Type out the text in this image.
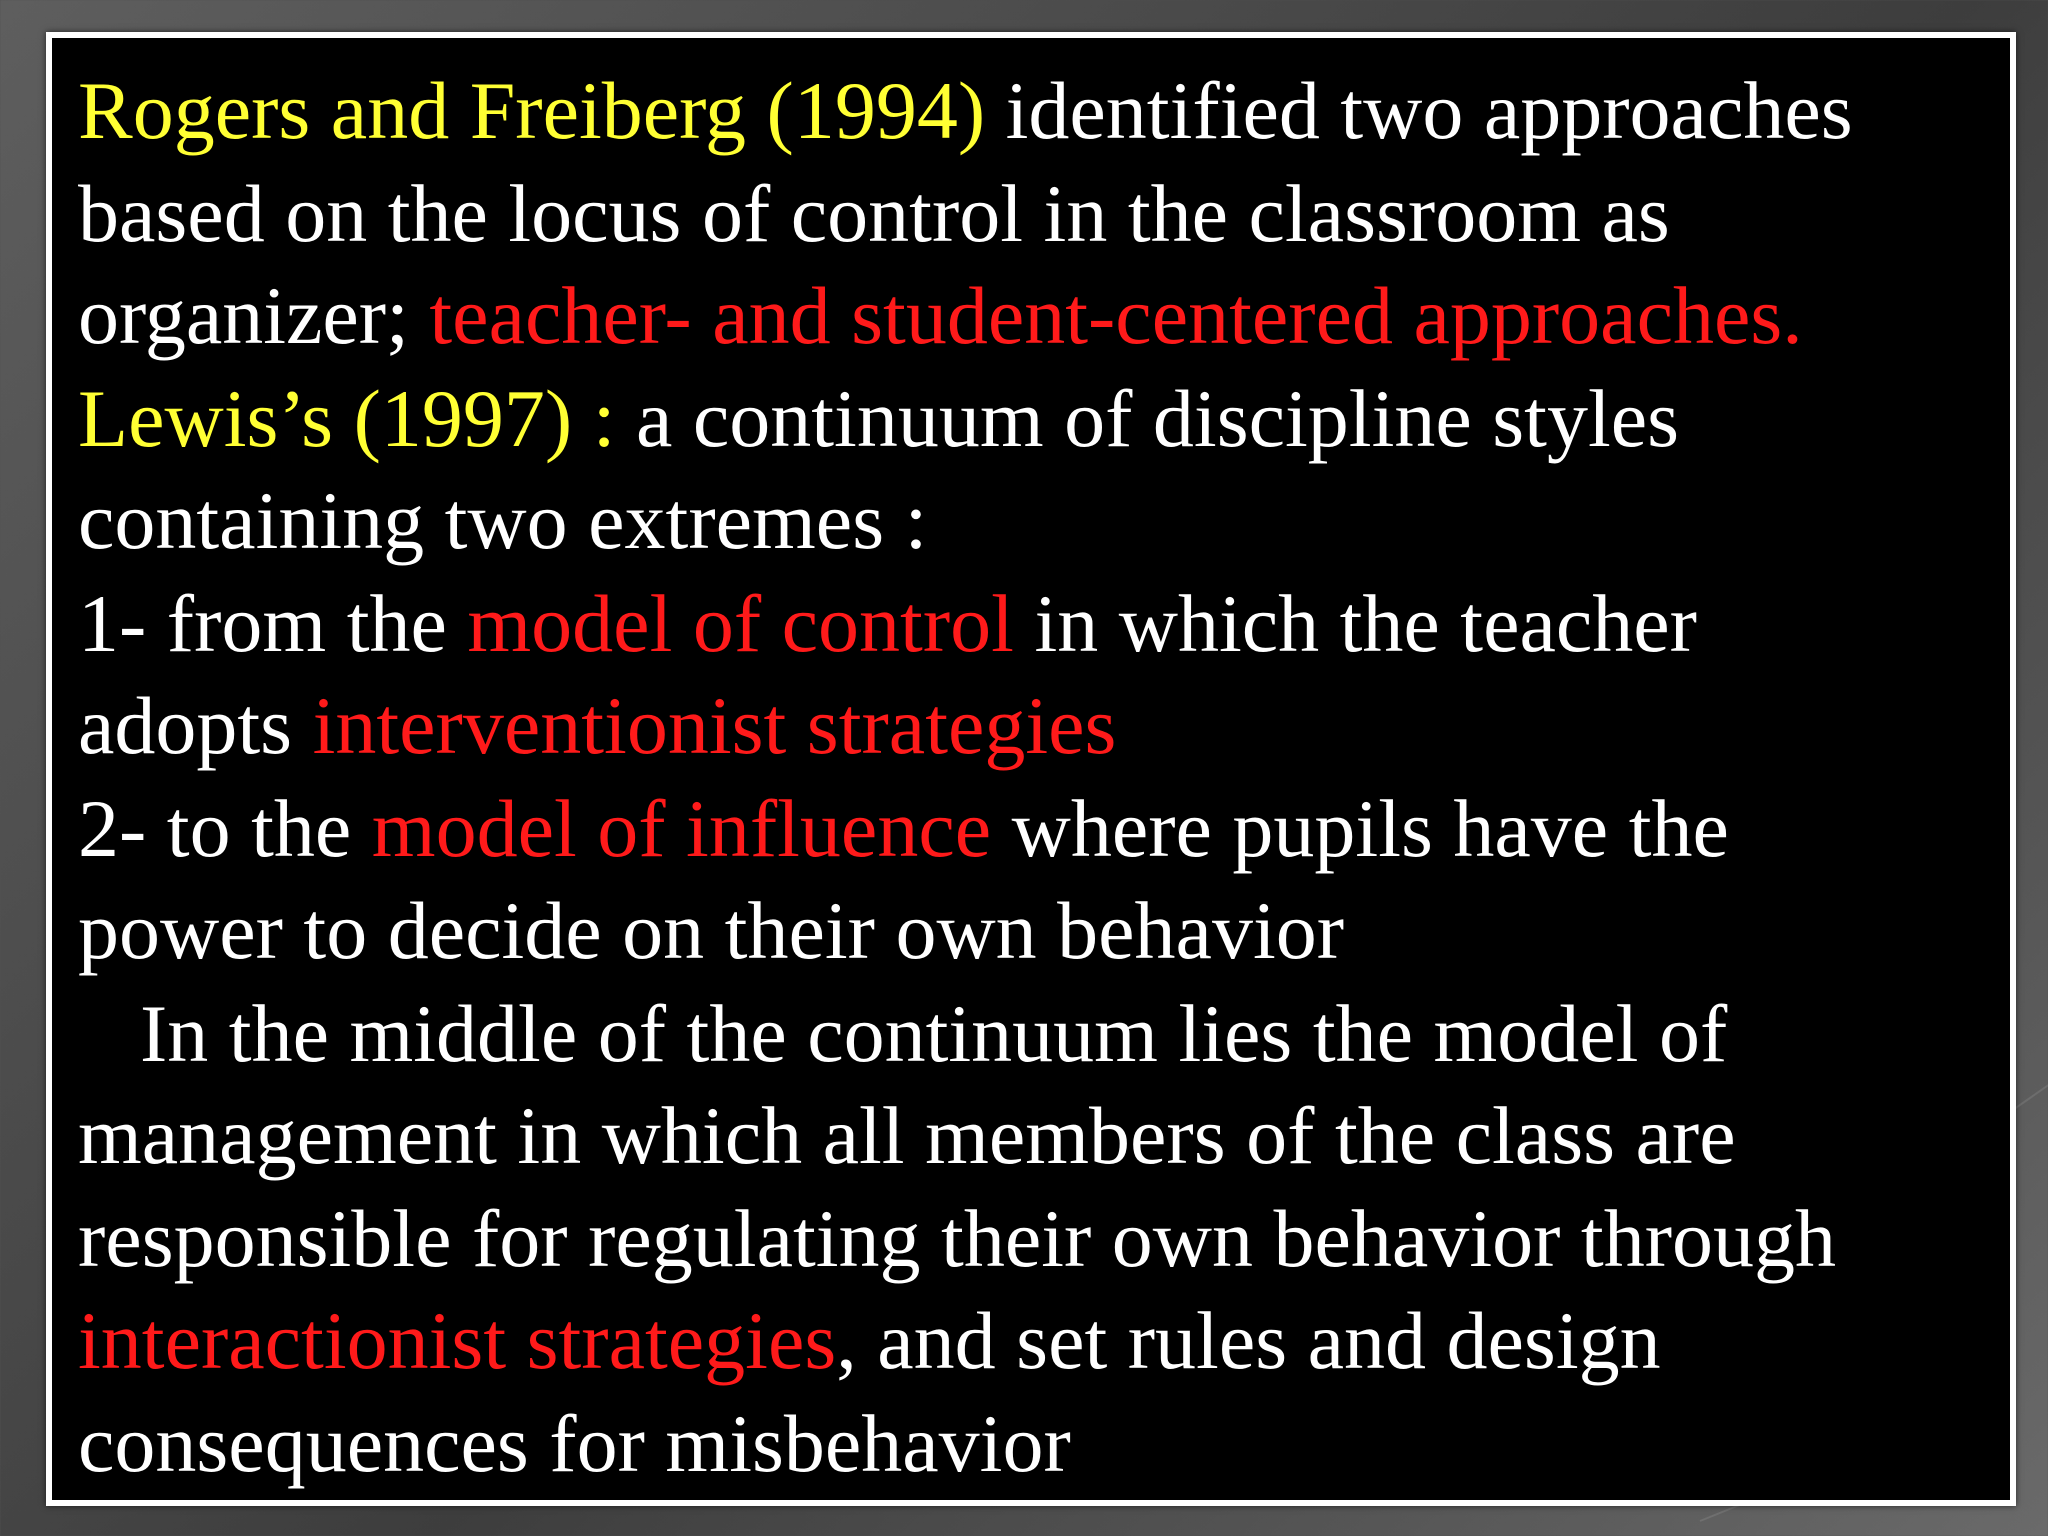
Rogers and Freiberg (1994) identified two approaches
based on the locus of control in the classroom as
organizer; teacher- and student-centered approaches.
Lewis’s (1997) : a continuum of discipline styles
containing two extremes :
1- from the model of control in which the teacher
adopts interventionist strategies
2- to the model of influence where pupils have the
power to decide on their own behavior
In the middle of the continuum lies the model of
management in which all members of the class are
responsible for regulating their own behavior through
interactionist strategies, and set rules and design
consequences for misbehavior
